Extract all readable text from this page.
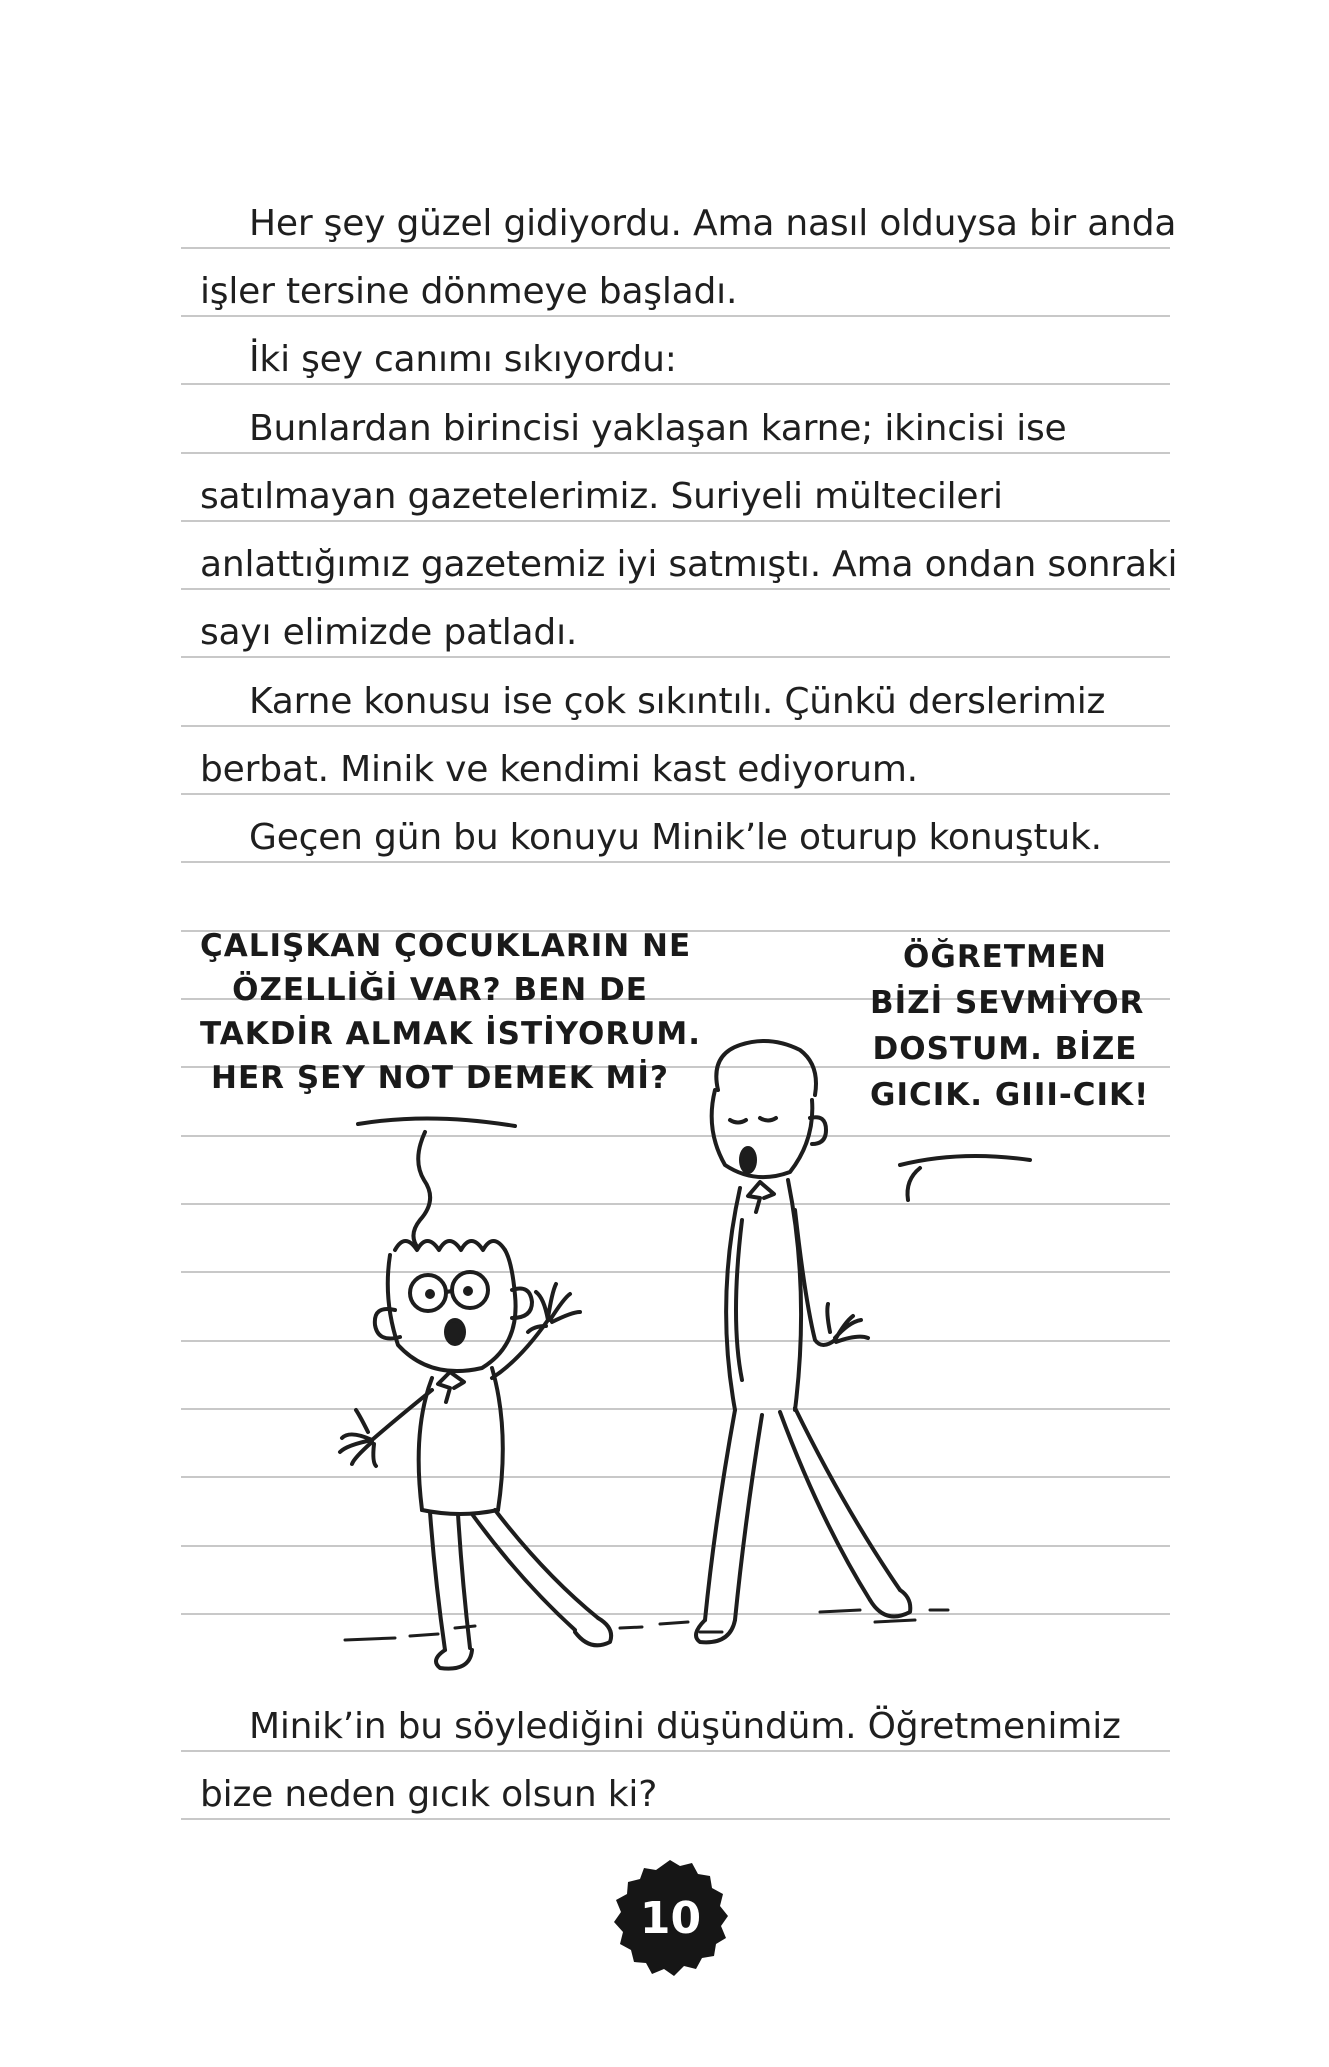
Her şey güzel gidiyordu. Ama nasıl olduysa bir anda
işler tersine dönmeye başladı.
İki şey canımı sıkıyordu:
Bunlardan birincisi yaklaşan karne; ikincisi ise
satılmayan gazetelerimiz. Suriyeli mültecileri
anlattığımız gazetemiz iyi satmıştı. Ama ondan sonraki
sayı elimizde patladı.
Karne konusu ise çok sıkıntılı. Çünkü derslerimiz
berbat. Minik ve kendimi kast ediyorum.
Geçen gün bu konuyu Minik’le oturup konuştuk.
ÇALIŞKAN ÇOCUKLARIN NE
ÖZELLİĞİ VAR? BEN DE
TAKDİR ALMAK İSTİYORUM.
HER ŞEY NOT DEMEK Mİ?
ÖĞRETMEN
BİZİ SEVMİYOR
DOSTUM. BİZE
GICIK. GIII-CIK!
Minik’in bu söylediğini düşündüm. Öğretmenimiz
bize neden gıcık olsun ki?
10
